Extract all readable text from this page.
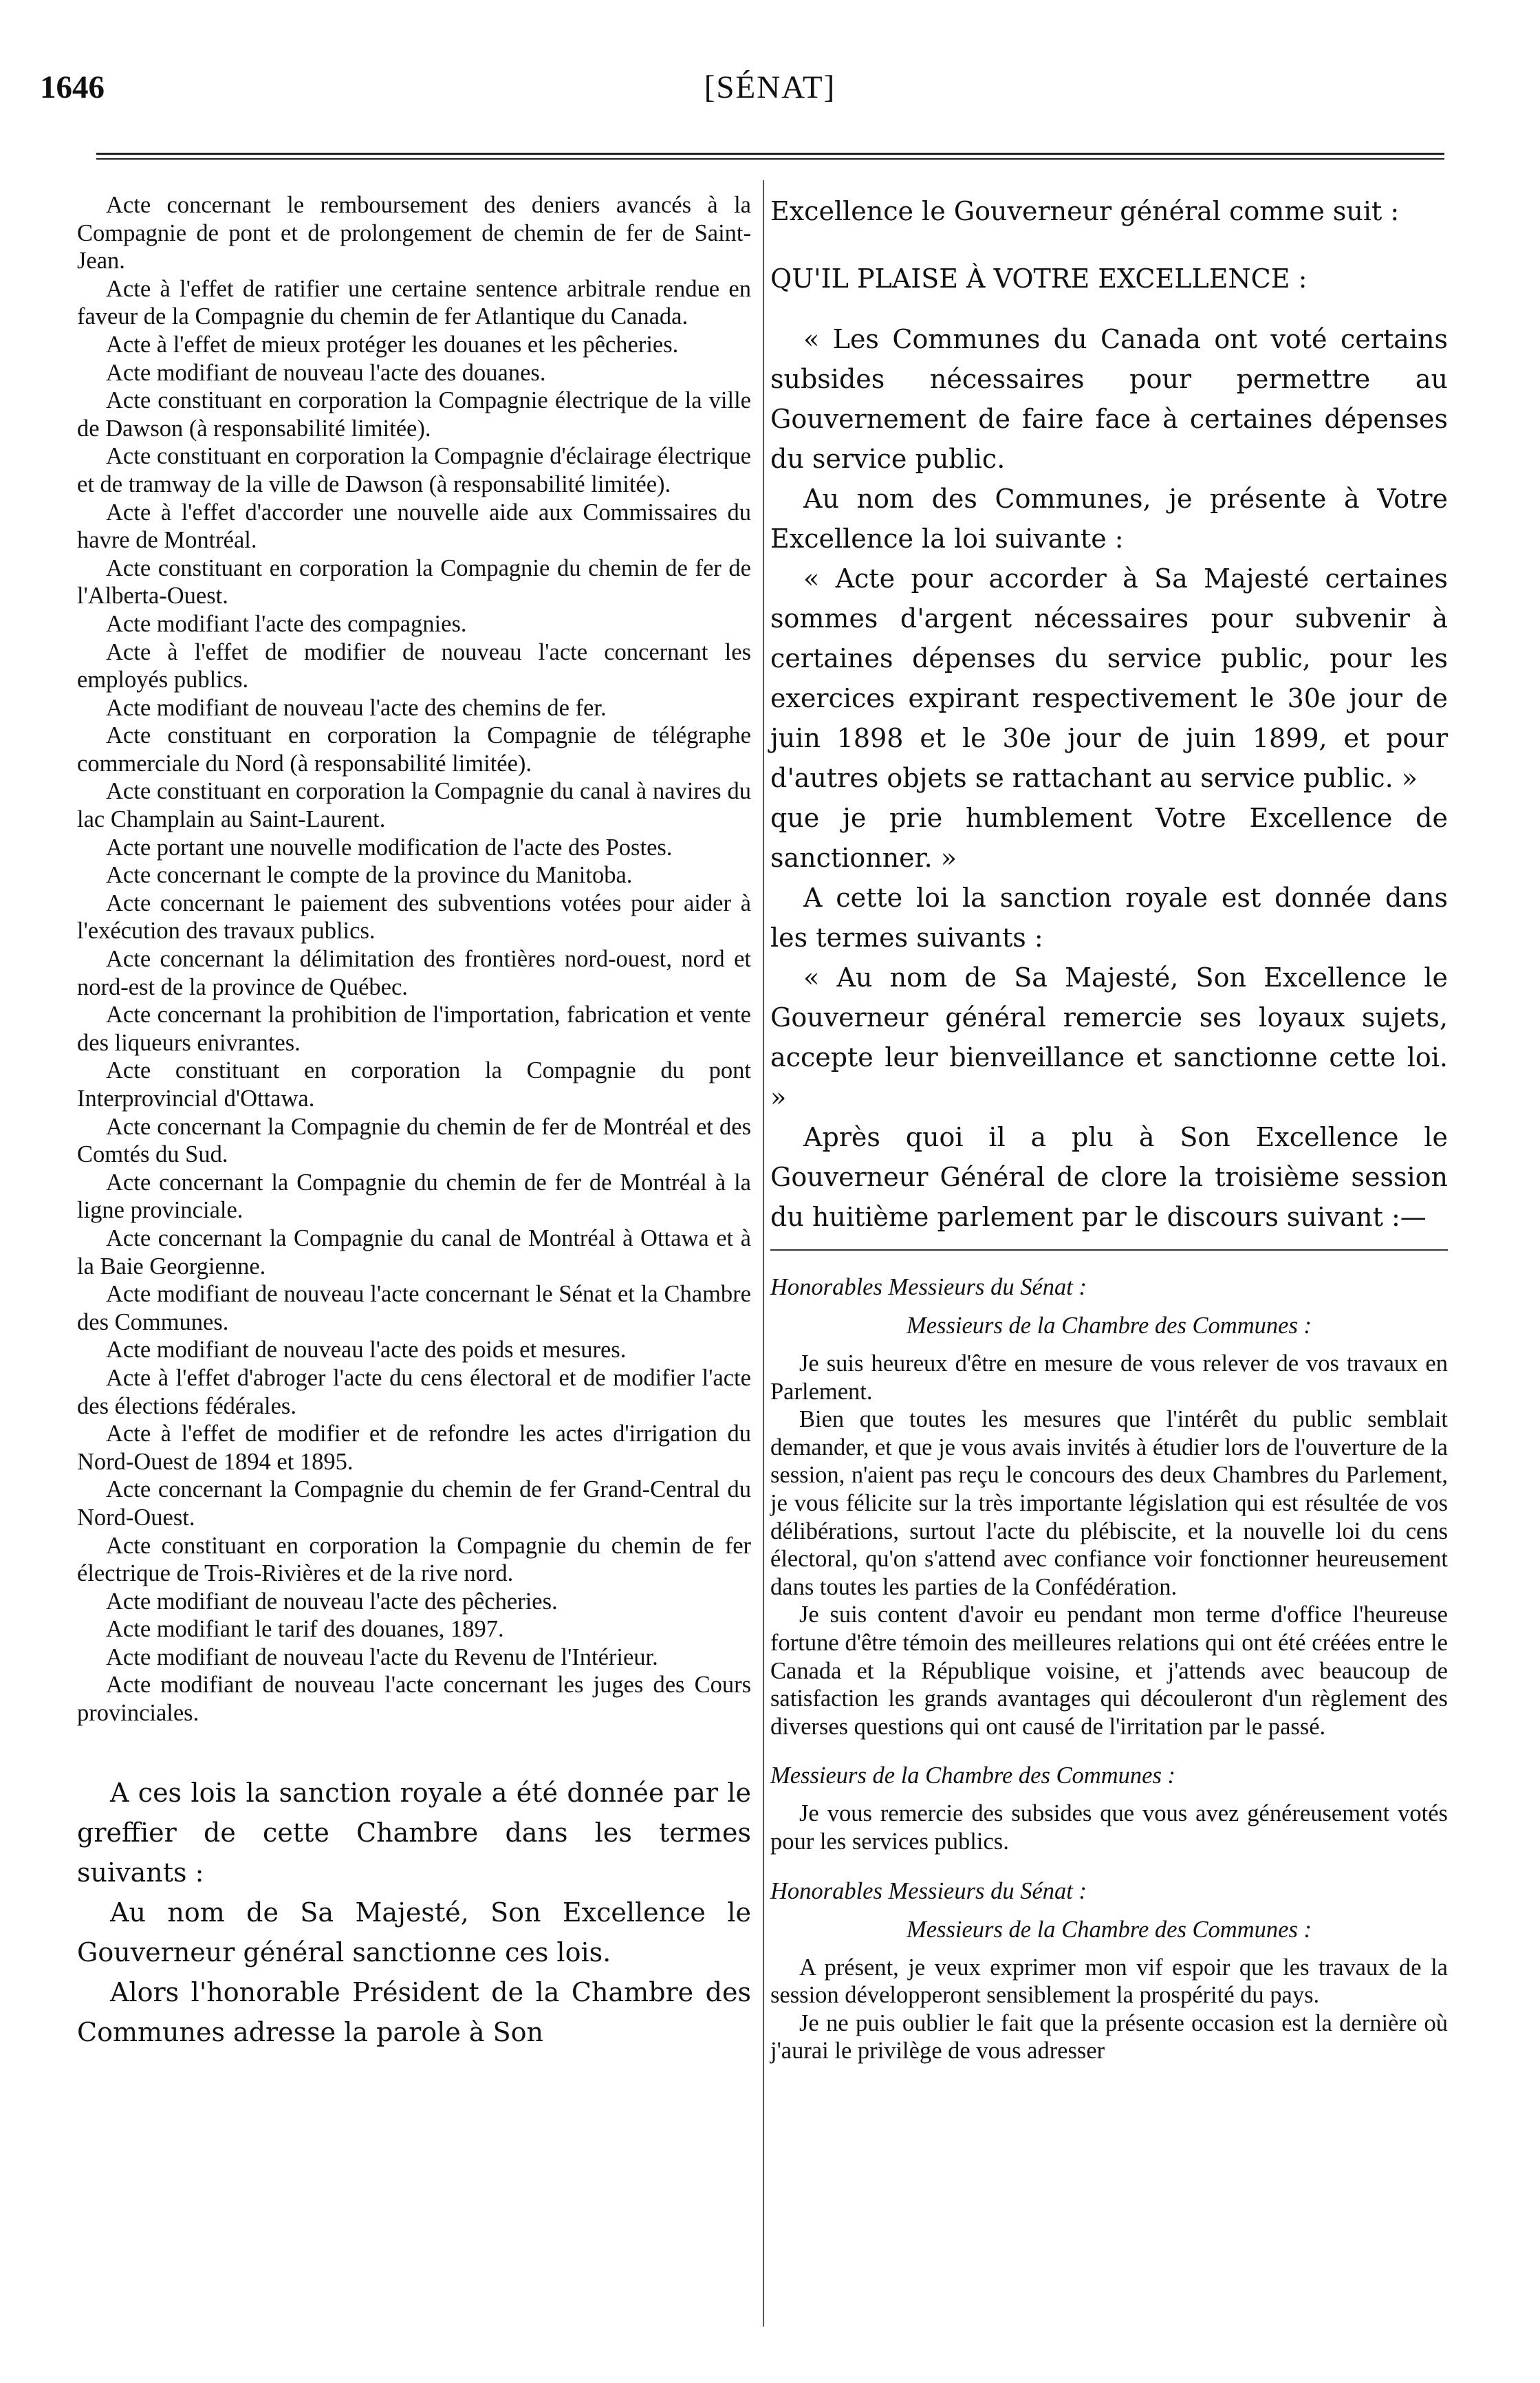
1646	[SÉNAT]

Acte concernant le remboursement des deniers avancés à la Compagnie de pont et de prolongement de chemin de fer de Saint-Jean.

Acte à l'effet de ratifier une certaine sentence arbitrale rendue en faveur de la Compagnie du chemin de fer Atlantique du Canada.

Acte à l'effet de mieux protéger les douanes et les pêcheries.

Acte modifiant de nouveau l'acte des douanes.

Acte constituant en corporation la Compagnie électrique de la ville de Dawson (à responsabilité limitée).

Acte constituant en corporation la Compagnie d'éclairage électrique et de tramway de la ville de Dawson (à responsabilité limitée).

Acte à l'effet d'accorder une nouvelle aide aux Commissaires du havre de Montréal.

Acte constituant en corporation la Compagnie du chemin de fer de l'Alberta-Ouest.

Acte modifiant l'acte des compagnies.

Acte à l'effet de modifier de nouveau l'acte concernant les employés publics.

Acte modifiant de nouveau l'acte des chemins de fer.

Acte constituant en corporation la Compagnie de télégraphe commerciale du Nord (à responsabilité limitée).

Acte constituant en corporation la Compagnie du canal à navires du lac Champlain au Saint-Laurent.

Acte portant une nouvelle modification de l'acte des Postes.

Acte concernant le compte de la province du Manitoba.

Acte concernant le paiement des subventions votées pour aider à l'exécution des travaux publics.

Acte concernant la délimitation des frontières nord-ouest, nord et nord-est de la province de Québec.

Acte concernant la prohibition de l'importation, fabrication et vente des liqueurs enivrantes.

Acte constituant en corporation la Compagnie du pont Interprovincial d'Ottawa.

Acte concernant la Compagnie du chemin de fer de Montréal et des Comtés du Sud.

Acte concernant la Compagnie du chemin de fer de Montréal à la ligne provinciale.

Acte concernant la Compagnie du canal de Montréal à Ottawa et à la Baie Georgienne.

Acte modifiant de nouveau l'acte concernant le Sénat et la Chambre des Communes.

Acte modifiant de nouveau l'acte des poids et mesures.

Acte à l'effet d'abroger l'acte du cens électoral et de modifier l'acte des élections fédérales.

Acte à l'effet de modifier et de refondre les actes d'irrigation du Nord-Ouest de 1894 et 1895.

Acte concernant la Compagnie du chemin de fer Grand-Central du Nord-Ouest.

Acte constituant en corporation la Compagnie du chemin de fer électrique de Trois-Rivières et de la rive nord.

Acte modifiant de nouveau l'acte des pêcheries.

Acte modifiant le tarif des douanes, 1897.

Acte modifiant de nouveau l'acte du Revenu de l'Intérieur.

Acte modifiant de nouveau l'acte concernant les juges des Cours provinciales.

A ces lois la sanction royale a été donnée par le greffier de cette Chambre dans les termes suivants :

Au nom de Sa Majesté, Son Excellence le Gouverneur général sanctionne ces lois.

Alors l'honorable Président de la Chambre des Communes adresse la parole à Son

Excellence le Gouverneur général comme suit :

QU'IL PLAISE À VOTRE EXCELLENCE :

« Les Communes du Canada ont voté certains subsides nécessaires pour permettre au Gouvernement de faire face à certaines dépenses du service public.

Au nom des Communes, je présente à Votre Excellence la loi suivante :

« Acte pour accorder à Sa Majesté certaines sommes d'argent nécessaires pour subvenir à certaines dépenses du service public, pour les exercices expirant respectivement le 30e jour de juin 1898 et le 30e jour de juin 1899, et pour d'autres objets se rattachant au service public. »

que je prie humblement Votre Excellence de sanctionner. »

A cette loi la sanction royale est donnée dans les termes suivants :

« Au nom de Sa Majesté, Son Excellence le Gouverneur général remercie ses loyaux sujets, accepte leur bienveillance et sanctionne cette loi. »

Après quoi il a plu à Son Excellence le Gouverneur Général de clore la troisième session du huitième parlement par le discours suivant :—

Honorables Messieurs du Sénat :
Messieurs de la Chambre des Communes :

Je suis heureux d'être en mesure de vous relever de vos travaux en Parlement.

Bien que toutes les mesures que l'intérêt du public semblait demander, et que je vous avais invités à étudier lors de l'ouverture de la session, n'aient pas reçu le concours des deux Chambres du Parlement, je vous félicite sur la très importante législation qui est résultée de vos délibérations, surtout l'acte du plébiscite, et la nouvelle loi du cens électoral, qu'on s'attend avec confiance voir fonctionner heureusement dans toutes les parties de la Confédération.

Je suis content d'avoir eu pendant mon terme d'office l'heureuse fortune d'être témoin des meilleures relations qui ont été créées entre le Canada et la République voisine, et j'attends avec beaucoup de satisfaction les grands avantages qui découleront d'un règlement des diverses questions qui ont causé de l'irritation par le passé.

Messieurs de la Chambre des Communes :

Je vous remercie des subsides que vous avez généreusement votés pour les services publics.

Honorables Messieurs du Sénat :
Messieurs de la Chambre des Communes :

A présent, je veux exprimer mon vif espoir que les travaux de la session développeront sensiblement la prospérité du pays.

Je ne puis oublier le fait que la présente occasion est la dernière où j'aurai le privilège de vous adresser
